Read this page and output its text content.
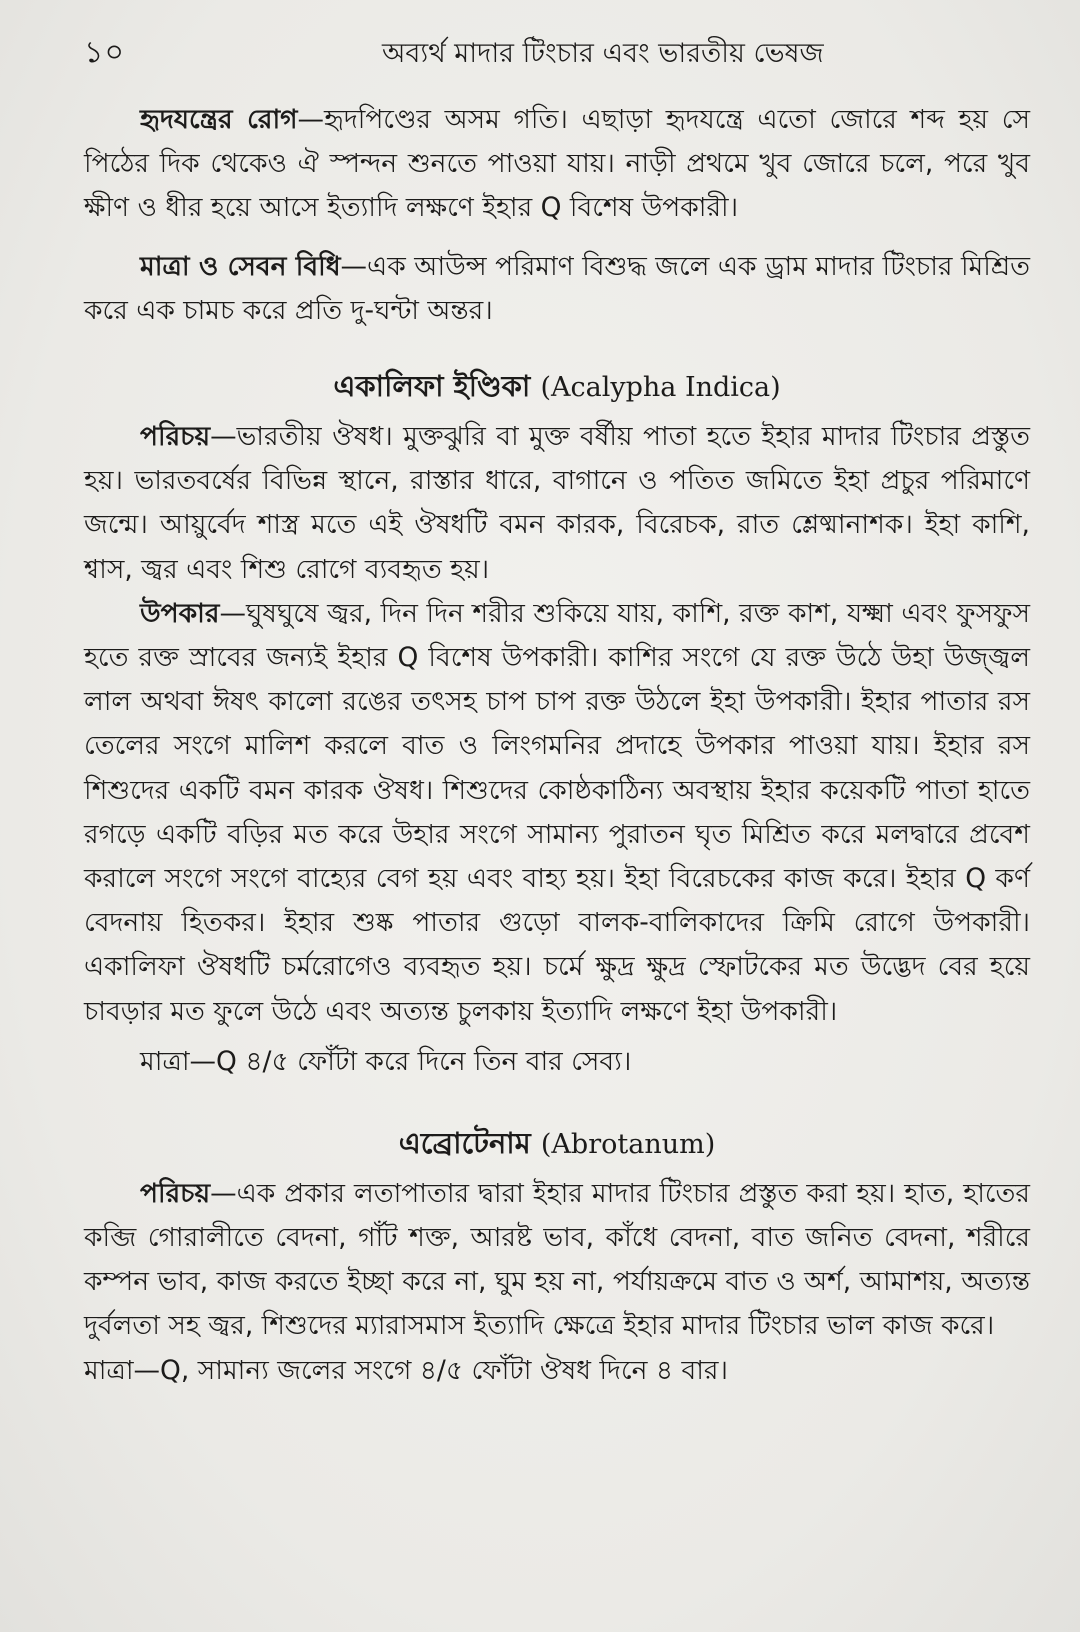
১০	অব্যর্থ মাদার টিংচার এবং ভারতীয় ভেষজ

হৃদযন্ত্রের রোগ—হৃদপিণ্ডের অসম গতি। এছাড়া হৃদযন্ত্রে এতো জোরে শব্দ হয় সে পিঠের দিক থেকেও ঐ স্পন্দন শুনতে পাওয়া যায়। নাড়ী প্রথমে খুব জোরে চলে, পরে খুব ক্ষীণ ও ধীর হয়ে আসে ইত্যাদি লক্ষণে ইহার Q বিশেষ উপকারী।

মাত্রা ও সেবন বিধি—এক আউন্স পরিমাণ বিশুদ্ধ জলে এক ড্রাম মাদার টিংচার মিশ্রিত করে এক চামচ করে প্রতি দু-ঘন্টা অন্তর।

একালিফা ইণ্ডিকা (Acalypha Indica)

পরিচয়—ভারতীয় ঔষধ। মুক্তঝুরি বা মুক্ত বর্ষীয় পাতা হতে ইহার মাদার টিংচার প্রস্তুত হয়। ভারতবর্ষের বিভিন্ন স্থানে, রাস্তার ধারে, বাগানে ও পতিত জমিতে ইহা প্রচুর পরিমাণে জন্মে। আয়ুর্বেদ শাস্ত্র মতে এই ঔষধটি বমন কারক, বিরেচক, রাত শ্লেষ্মানাশক। ইহা কাশি, শ্বাস, জ্বর এবং শিশু রোগে ব্যবহৃত হয়।

উপকার—ঘুষঘুষে জ্বর, দিন দিন শরীর শুকিয়ে যায়, কাশি, রক্ত কাশ, যক্ষ্মা এবং ফুসফুস হতে রক্ত স্রাবের জন্যই ইহার Q বিশেষ উপকারী। কাশির সংগে যে রক্ত উঠে উহা উজ্জ্বল লাল অথবা ঈষৎ কালো রঙের তৎসহ চাপ চাপ রক্ত উঠলে ইহা উপকারী। ইহার পাতার রস তেলের সংগে মালিশ করলে বাত ও লিংগমনির প্রদাহে উপকার পাওয়া যায়। ইহার রস শিশুদের একটি বমন কারক ঔষধ। শিশুদের কোষ্ঠকাঠিন্য অবস্থায় ইহার কয়েকটি পাতা হাতে রগড়ে একটি বড়ির মত করে উহার সংগে সামান্য পুরাতন ঘৃত মিশ্রিত করে মলদ্বারে প্রবেশ করালে সংগে সংগে বাহ্যের বেগ হয় এবং বাহ্য হয়। ইহা বিরেচকের কাজ করে। ইহার Q কর্ণ বেদনায় হিতকর। ইহার শুষ্ক পাতার গুড়ো বালক-বালিকাদের ক্রিমি রোগে উপকারী। একালিফা ঔষধটি চর্মরোগেও ব্যবহৃত হয়। চর্মে ক্ষুদ্র ক্ষুদ্র স্ফোটকের মত উদ্ভেদ বের হয়ে চাবড়ার মত ফুলে উঠে এবং অত্যন্ত চুলকায় ইত্যাদি লক্ষণে ইহা উপকারী।

মাত্রা—Q ৪/৫ ফোঁটা করে দিনে তিন বার সেব্য।

এব্রোটেনাম (Abrotanum)

পরিচয়—এক প্রকার লতাপাতার দ্বারা ইহার মাদার টিংচার প্রস্তুত করা হয়। হাত, হাতের কব্জি গোরালীতে বেদনা, গাঁট শক্ত, আরষ্ট ভাব, কাঁধে বেদনা, বাত জনিত বেদনা, শরীরে কম্পন ভাব, কাজ করতে ইচ্ছা করে না, ঘুম হয় না, পর্যায়ক্রমে বাত ও অর্শ, আমাশয়, অত্যন্ত দুর্বলতা সহ জ্বর, শিশুদের ম্যারাসমাস ইত্যাদি ক্ষেত্রে ইহার মাদার টিংচার ভাল কাজ করে।

মাত্রা—Q, সামান্য জলের সংগে ৪/৫ ফোঁটা ঔষধ দিনে ৪ বার।
